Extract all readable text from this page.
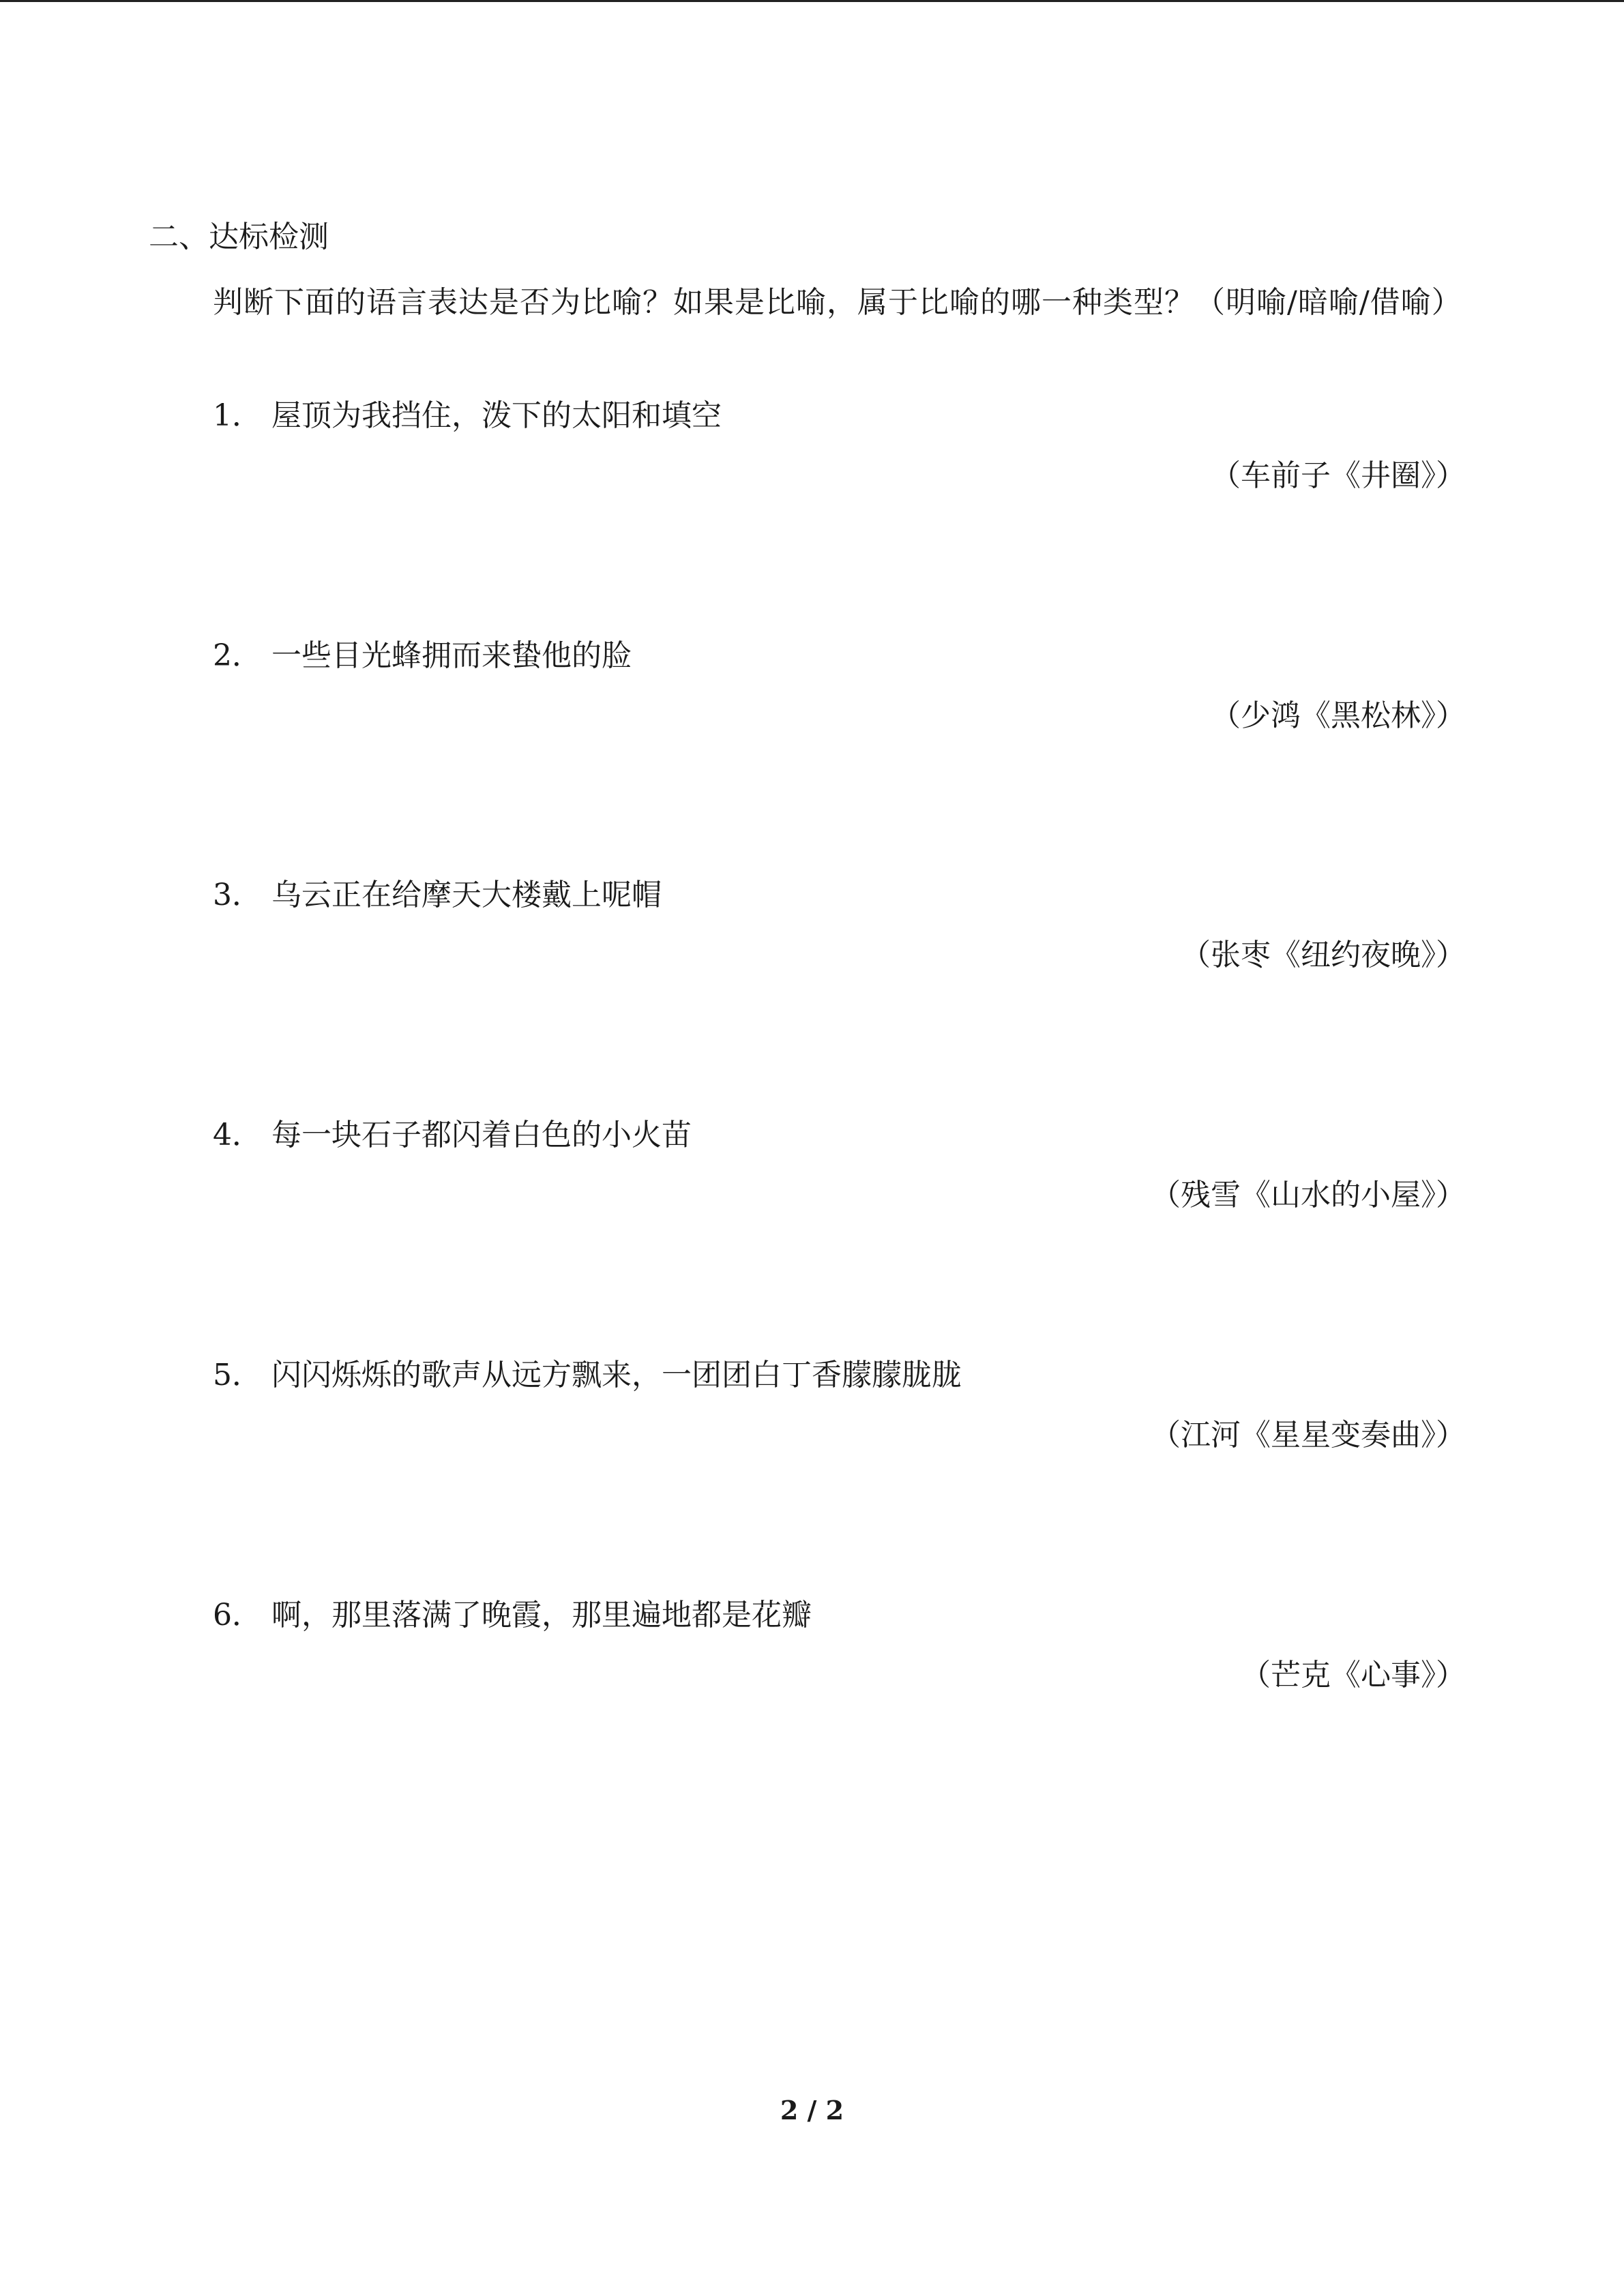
二、达标检测
判断下面的语言表达是否为比喻？如果是比喻，属于比喻的哪一种类型？（明喻/暗喻/借喻）
1． 屋顶为我挡住，泼下的太阳和填空
（车前子《井圈》）
2． 一些目光蜂拥而来蛰他的脸
（少鸿《黑松林》）
3． 乌云正在给摩天大楼戴上呢帽
（张枣《纽约夜晚》）
4． 每一块石子都闪着白色的小火苗
（残雪《山水的小屋》）
5． 闪闪烁烁的歌声从远方飘来，一团团白丁香朦朦胧胧
（江河《星星变奏曲》）
6． 啊，那里落满了晚霞，那里遍地都是花瓣
（芒克《心事》）
2 / 2
